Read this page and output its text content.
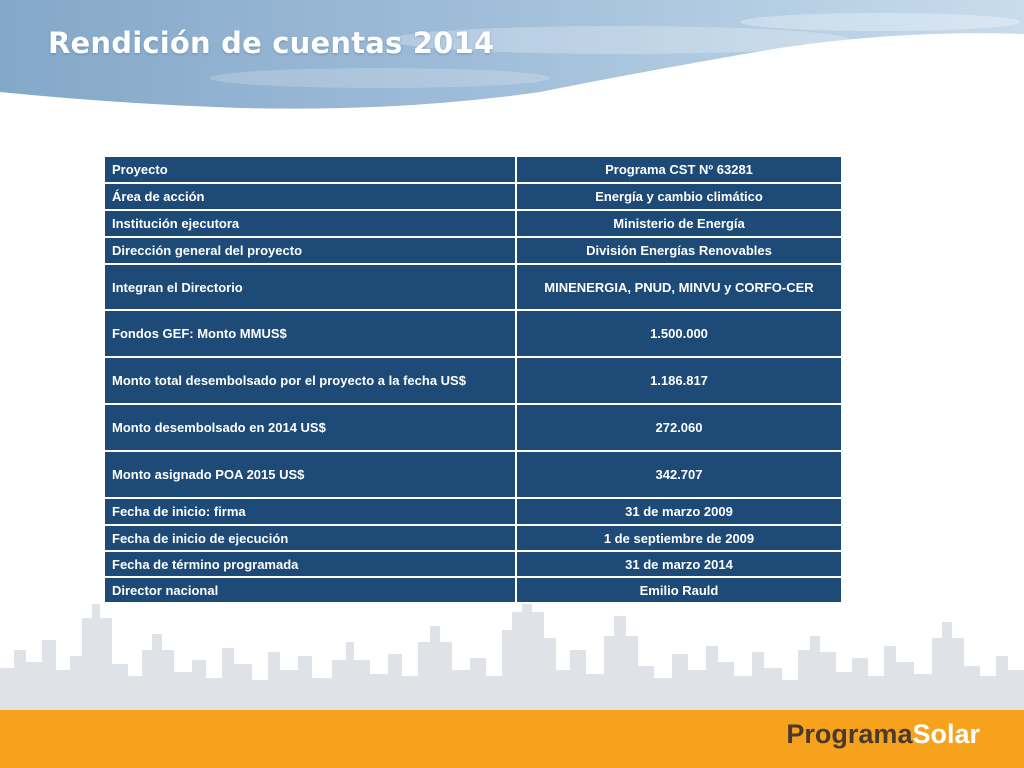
Rendición de cuentas 2014
Proyecto	Programa CST Nº 63281
Área de acción	Energía y cambio climático
Institución ejecutora	Ministerio de Energía
Dirección general del proyecto	División Energías Renovables
Integran el Directorio	MINENERGIA, PNUD, MINVU y CORFO-CER
Fondos GEF: Monto MMUS$	1.500.000
Monto total desembolsado por el proyecto a la fecha US$	1.186.817
Monto desembolsado en 2014 US$	272.060
Monto asignado POA 2015 US$	342.707
Fecha de inicio: firma	31 de marzo 2009
Fecha de inicio de ejecución	1 de septiembre de 2009
Fecha de término programada	31 de marzo 2014
Director nacional	Emilio Rauld
ProgramaSolar
